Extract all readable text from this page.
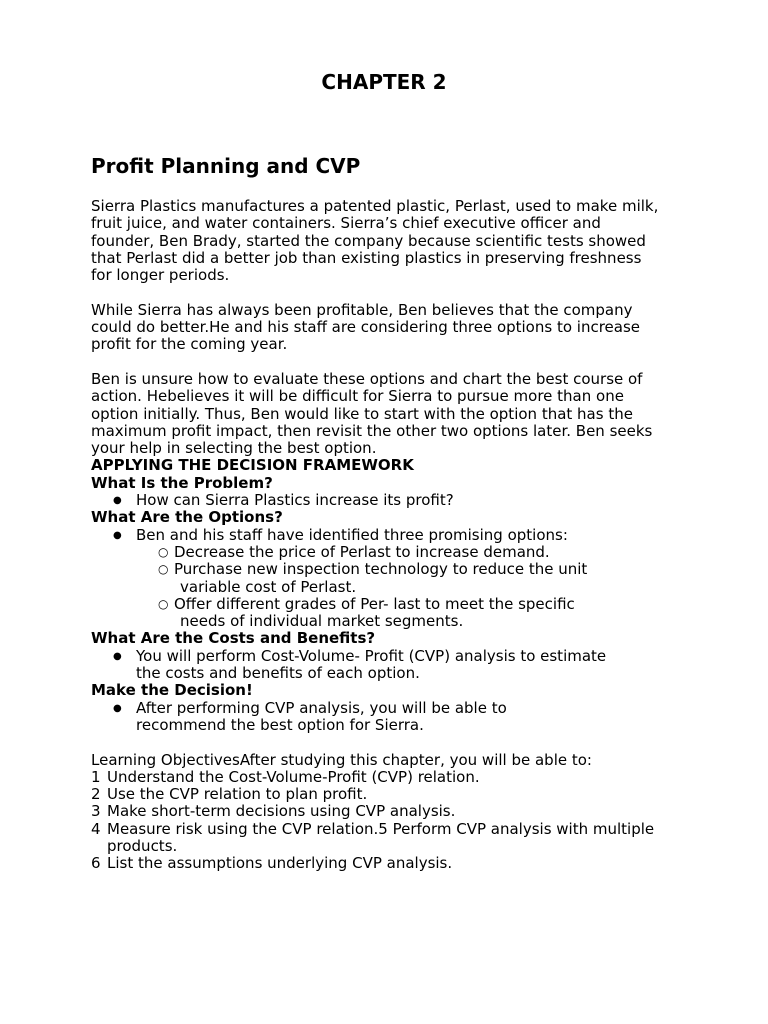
CHAPTER 2
Profit Planning and CVP

Sierra Plastics manufactures a patented plastic, Perlast, used to make milk, fruit juice, and water containers. Sierra’s chief executive officer and founder, Ben Brady, started the company because scientific tests showed that Perlast did a better job than existing plastics in preserving freshness for longer periods.

While Sierra has always been profitable, Ben believes that the company could do better.He and his staff are considering three options to increase profit for the coming year.

Ben is unsure how to evaluate these options and chart the best course of action. Hebelieves it will be difficult for Sierra to pursue more than one option initially. Thus, Ben would like to start with the option that has the maximum profit impact, then revisit the other two options later. Ben seeks your help in selecting the best option.

APPLYING THE DECISION FRAMEWORK

What Is the Problem?

● How can Sierra Plastics increase its profit?

What Are the Options?

● Ben and his staff have identified three promising options:
○ Decrease the price of Perlast to increase demand.
○ Purchase new inspection technology to reduce the unit
variable cost of Perlast.
○ Offer different grades of Per- last to meet the specific
needs of individual market segments.

What Are the Costs and Benefits?

● You will perform Cost-Volume- Profit (CVP) analysis to estimate the costs and benefits of each option.

Make the Decision!

● After performing CVP analysis, you will be able to recommend the best option for Sierra.

Learning ObjectivesAfter studying this chapter, you will be able to:

1 Understand the Cost-Volume-Profit (CVP) relation.
2 Use the CVP relation to plan profit.
3 Make short-term decisions using CVP analysis.
4 Measure risk using the CVP relation.5 Perform CVP analysis with multiple products.
6 List the assumptions underlying CVP analysis.
